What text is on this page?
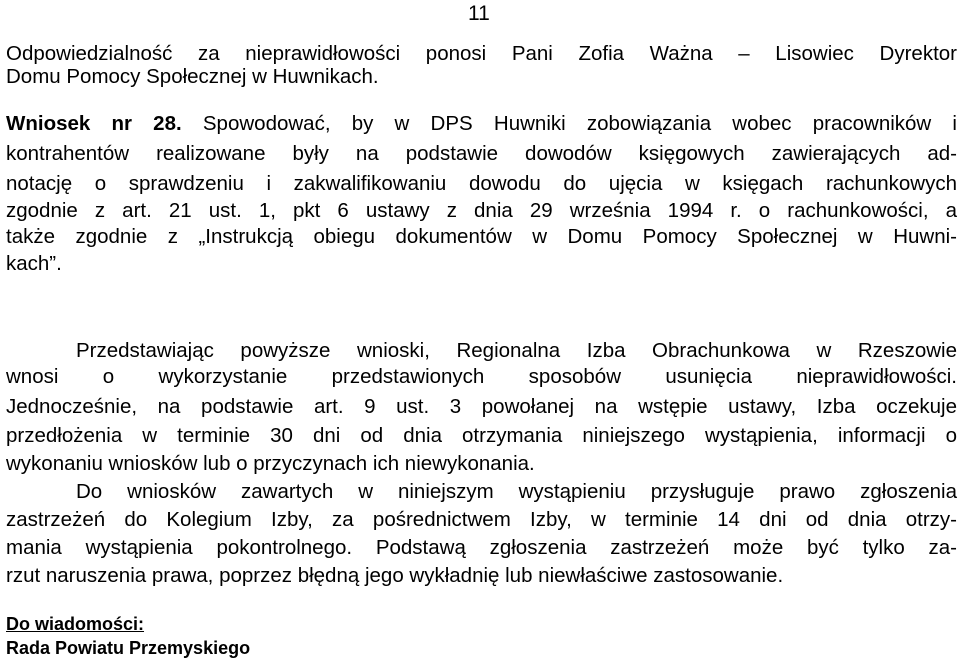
11
Odpowiedzialność za nieprawidłowości ponosi Pani Zofia Ważna – Lisowiec Dyrektor
Domu Pomocy Społecznej w Huwnikach.
Wniosek nr 28. Spowodować, by w DPS Huwniki zobowiązania wobec pracowników i
kontrahentów realizowane były na podstawie dowodów księgowych zawierających ad-
notację o sprawdzeniu i zakwalifikowaniu dowodu do ujęcia w księgach rachunkowych
zgodnie z art. 21 ust. 1, pkt 6 ustawy z dnia 29 września 1994 r. o rachunkowości, a
także zgodnie z „Instrukcją obiegu dokumentów w Domu Pomocy Społecznej w Huwni-
kach”.
Przedstawiając powyższe wnioski, Regionalna Izba Obrachunkowa w Rzeszowie
wnosi o wykorzystanie przedstawionych sposobów usunięcia nieprawidłowości.
Jednocześnie, na podstawie art. 9 ust. 3 powołanej na wstępie ustawy, Izba oczekuje
przedłożenia w terminie 30 dni od dnia otrzymania niniejszego wystąpienia, informacji o
wykonaniu wniosków lub o przyczynach ich niewykonania.
Do wniosków zawartych w niniejszym wystąpieniu przysługuje prawo zgłoszenia
zastrzeżeń do Kolegium Izby, za pośrednictwem Izby, w terminie 14 dni od dnia otrzy-
mania wystąpienia pokontrolnego. Podstawą zgłoszenia zastrzeżeń może być tylko za-
rzut naruszenia prawa, poprzez błędną jego wykładnię lub niewłaściwe zastosowanie.
Do wiadomości:
Rada Powiatu Przemyskiego
